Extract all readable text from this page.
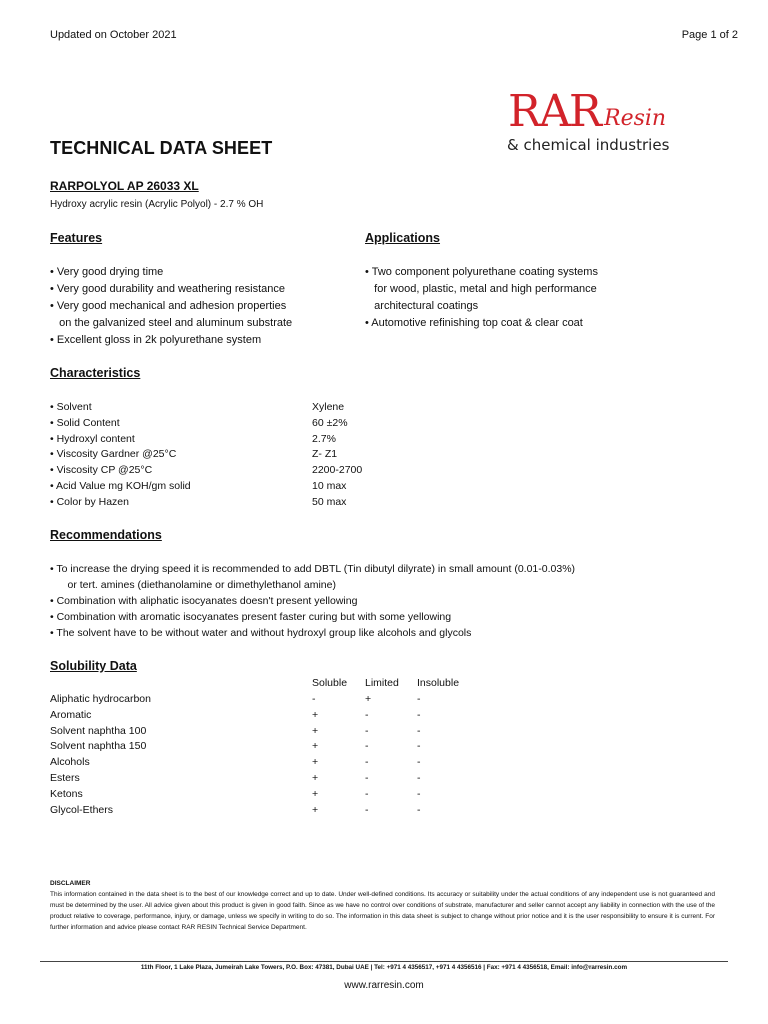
Updated on October 2021	Page 1 of 2
RAR Resin
& chemical industries
TECHNICAL DATA SHEET
RARPOLYOL AP 26033 XL
Hydroxy acrylic resin (Acrylic Polyol) - 2.7 % OH
Features
• Very good drying time
• Very good durability and weathering resistance
• Very good mechanical and adhesion properties
on the galvanized steel and aluminum substrate
• Excellent gloss in 2k polyurethane system
Applications
• Two component polyurethane coating systems
for wood, plastic, metal and high performance
architectural coatings
• Automotive refinishing top coat & clear coat
Characteristics
• Solvent	Xylene
• Solid Content	60 ±2%
• Hydroxyl content	2.7%
• Viscosity Gardner @25°C	Z- Z1
• Viscosity CP @25°C	2200-2700
• Acid Value mg KOH/gm solid	10 max
• Color by Hazen	50 max
Recommendations
• To increase the drying speed it is recommended to add DBTL (Tin dibutyl dilyrate) in small amount (0.01-0.03%)
or tert. amines (diethanolamine or dimethylethanol amine)
• Combination with aliphatic isocyanates doesn't present yellowing
• Combination with aromatic isocyanates present faster curing but with some yellowing
• The solvent have to be without water and without hydroxyl group like alcohols and glycols
Solubility Data
Soluble Limited Insoluble
Aliphatic hydrocarbon	-	+	-
Aromatic	+	-	-
Solvent naphtha 100	+	-	-
Solvent naphtha 150	+	-	-
Alcohols	+	-	-
Esters	+	-	-
Ketons	+	-	-
Glycol-Ethers	+	-	-
DISCLAIMER
This information contained in the data sheet is to the best of our knowledge correct and up to date. Under well-defined conditions. Its accuracy or suitability under the actual conditions of any independent use is not guaranteed and must be determined by the user. All advice given about this product is given in good faith. Since as we have no control over conditions of substrate, manufacturer and seller cannot accept any liability in connection with the use of the product relative to coverage, performance, injury, or damage, unless we specify in writing to do so. The information in this data sheet is subject to change without prior notice and it is the user responsibility to ensure it is current. For further information and advice please contact RAR RESIN Technical Service Department.
11th Floor, 1 Lake Plaza, Jumeirah Lake Towers, P.O. Box: 47381, Dubai UAE | Tel: +971 4 4356517, +971 4 4356516 | Fax: +971 4 4356518, Email: info@rarresin.com
www.rarresin.com
